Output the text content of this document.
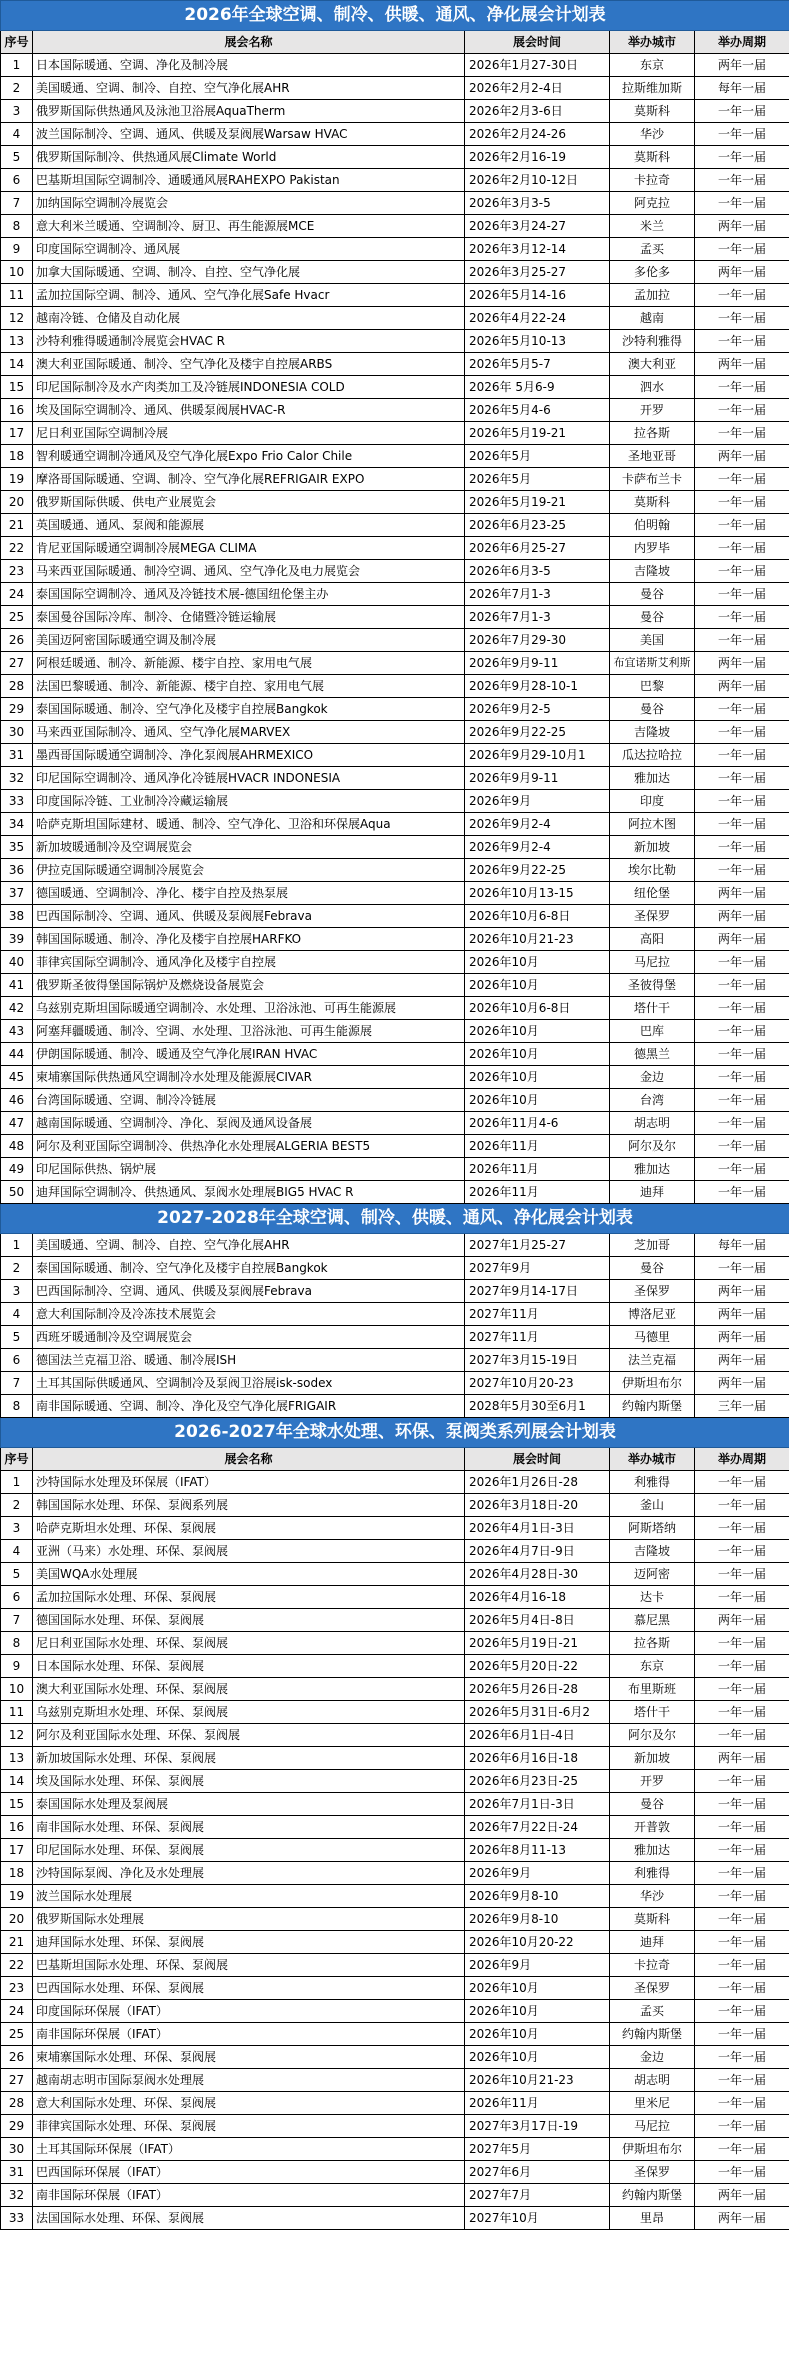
2026年全球空调、制冷、供暖、通风、净化展会计划表				
序号	展会名称	展会时间	举办城市	举办周期
1	日本国际暖通、空调、净化及制冷展	2026年1月27-30日	东京	两年一届
2	美国暖通、空调、制冷、自控、空气净化展AHR	2026年2月2-4日	拉斯维加斯	每年一届
3	俄罗斯国际供热通风及泳池卫浴展AquaTherm	2026年2月3-6日	莫斯科	一年一届
4	波兰国际制冷、空调、通风、供暖及泵阀展Warsaw HVAC	2026年2月24-26	华沙	一年一届
5	俄罗斯国际制冷、供热通风展Climate World	2026年2月16-19	莫斯科	一年一届
6	巴基斯坦国际空调制冷、通暖通风展RAHEXPO Pakistan	2026年2月10-12日	卡拉奇	一年一届
7	加纳国际空调制冷展览会	2026年3月3-5	阿克拉	一年一届
8	意大利米兰暖通、空调制冷、厨卫、再生能源展MCE	2026年3月24-27	米兰	两年一届
9	印度国际空调制冷、通风展	2026年3月12-14	孟买	一年一届
10	加拿大国际暖通、空调、制冷、自控、空气净化展	2026年3月25-27	多伦多	两年一届
11	孟加拉国际空调、制冷、通风、空气净化展Safe Hvacr	2026年5月14-16	孟加拉	一年一届
12	越南冷链、仓储及自动化展	2026年4月22-24	越南	一年一届
13	沙特利雅得暖通制冷展览会HVAC R	2026年5月10-13	沙特利雅得	一年一届
14	澳大利亚国际暖通、制冷、空气净化及楼宇自控展ARBS	2026年5月5-7	澳大利亚	两年一届
15	印尼国际制冷及水产肉类加工及冷链展INDONESIA COLD	2026年 5月6-9	泗水	一年一届
16	埃及国际空调制冷、通风、供暖泵阀展HVAC-R	2026年5月4-6	开罗	一年一届
17	尼日利亚国际空调制冷展	2026年5月19-21	拉各斯	一年一届
18	智利暖通空调制冷通风及空气净化展Expo Frio Calor Chile	2026年5月	圣地亚哥	两年一届
19	摩洛哥国际暖通、空调、制冷、空气净化展REFRIGAIR EXPO	2026年5月	卡萨布兰卡	一年一届
20	俄罗斯国际供暖、供电产业展览会	2026年5月19-21	莫斯科	一年一届
21	英国暖通、通风、泵阀和能源展	2026年6月23-25	伯明翰	一年一届
22	肯尼亚国际暖通空调制冷展MEGA CLIMA	2026年6月25-27	内罗毕	一年一届
23	马来西亚国际暖通、制冷空调、通风、空气净化及电力展览会	2026年6月3-5	吉隆坡	一年一届
24	泰国国际空调制冷、通风及冷链技术展-德国纽伦堡主办	2026年7月1-3	曼谷	一年一届
25	泰国曼谷国际冷库、制冷、仓储暨冷链运输展	2026年7月1-3	曼谷	一年一届
26	美国迈阿密国际暖通空调及制冷展	2026年7月29-30	美国	一年一届
27	阿根廷暖通、制冷、新能源、楼宇自控、家用电气展	2026年9月9-11	布宜诺斯艾利斯	两年一届
28	法国巴黎暖通、制冷、新能源、楼宇自控、家用电气展	2026年9月28-10-1	巴黎	两年一届
29	泰国国际暖通、制冷、空气净化及楼宇自控展Bangkok	2026年9月2-5	曼谷	一年一届
30	马来西亚国际制冷、通风、空气净化展MARVEX	2026年9月22-25	吉隆坡	一年一届
31	墨西哥国际暖通空调制冷、净化泵阀展AHRMEXICO	2026年9月29-10月1	瓜达拉哈拉	一年一届
32	印尼国际空调制冷、通风净化冷链展HVACR INDONESIA	2026年9月9-11	雅加达	一年一届
33	印度国际冷链、工业制冷冷藏运输展	2026年9月	印度	一年一届
34	哈萨克斯坦国际建材、暖通、制冷、空气净化、卫浴和环保展Aqua	2026年9月2-4	阿拉木图	一年一届
35	新加坡暖通制冷及空调展览会	2026年9月2-4	新加坡	一年一届
36	伊拉克国际暖通空调制冷展览会	2026年9月22-25	埃尔比勒	一年一届
37	德国暖通、空调制冷、净化、楼宇自控及热泵展	2026年10月13-15	纽伦堡	两年一届
38	巴西国际制冷、空调、通风、供暖及泵阀展Febrava	2026年10月6-8日	圣保罗	两年一届
39	韩国国际暖通、制冷、净化及楼宇自控展HARFKO	2026年10月21-23	高阳	两年一届
40	菲律宾国际空调制冷、通风净化及楼宇自控展	2026年10月	马尼拉	一年一届
41	俄罗斯圣彼得堡国际锅炉及燃烧设备展览会	2026年10月	圣彼得堡	一年一届
42	乌兹别克斯坦国际暖通空调制冷、水处理、卫浴泳池、可再生能源展	2026年10月6-8日	塔什干	一年一届
43	阿塞拜疆暖通、制冷、空调、水处理、卫浴泳池、可再生能源展	2026年10月	巴库	一年一届
44	伊朗国际暖通、制冷、暖通及空气净化展IRAN HVAC	2026年10月	德黑兰	一年一届
45	柬埔寨国际供热通风空调制冷水处理及能源展CIVAR	2026年10月	金边	一年一届
46	台湾国际暖通、空调、制冷冷链展	2026年10月	台湾	一年一届
47	越南国际暖通、空调制冷、净化、泵阀及通风设备展	2026年11月4-6	胡志明	一年一届
48	阿尔及利亚国际空调制冷、供热净化水处理展ALGERIA BEST5	2026年11月	阿尔及尔	一年一届
49	印尼国际供热、锅炉展	2026年11月	雅加达	一年一届
50	迪拜国际空调制冷、供热通风、泵阀水处理展BIG5 HVAC R	2026年11月	迪拜	一年一届
2027-2028年全球空调、制冷、供暖、通风、净化展会计划表				
1	美国暖通、空调、制冷、自控、空气净化展AHR	2027年1月25-27	芝加哥	每年一届
2	泰国国际暖通、制冷、空气净化及楼宇自控展Bangkok	2027年9月	曼谷	一年一届
3	巴西国际制冷、空调、通风、供暖及泵阀展Febrava	2027年9月14-17日	圣保罗	两年一届
4	意大利国际制冷及冷冻技术展览会	2027年11月	博洛尼亚	两年一届
5	西班牙暖通制冷及空调展览会	2027年11月	马德里	两年一届
6	德国法兰克福卫浴、暖通、制冷展ISH	2027年3月15-19日	法兰克福	两年一届
7	土耳其国际供暖通风、空调制冷及泵阀卫浴展isk-sodex	2027年10月20-23	伊斯坦布尔	两年一届
8	南非国际暖通、空调、制冷、净化及空气净化展FRIGAIR	2028年5月30至6月1	约翰内斯堡	三年一届
2026-2027年全球水处理、环保、泵阀类系列展会计划表				
序号	展会名称	展会时间	举办城市	举办周期
1	沙特国际水处理及环保展（IFAT）	2026年1月26日-28	利雅得	一年一届
2	韩国国际水处理、环保、泵阀系列展	2026年3月18日-20	釜山	一年一届
3	哈萨克斯坦水处理、环保、泵阀展	2026年4月1日-3日	阿斯塔纳	一年一届
4	亚洲（马来）水处理、环保、泵阀展	2026年4月7日-9日	吉隆坡	一年一届
5	美国WQA水处理展	2026年4月28日-30	迈阿密	一年一届
6	孟加拉国际水处理、环保、泵阀展	2026年4月16-18	达卡	一年一届
7	德国国际水处理、环保、泵阀展	2026年5月4日-8日	慕尼黑	两年一届
8	尼日利亚国际水处理、环保、泵阀展	2026年5月19日-21	拉各斯	一年一届
9	日本国际水处理、环保、泵阀展	2026年5月20日-22	东京	一年一届
10	澳大利亚国际水处理、环保、泵阀展	2026年5月26日-28	布里斯班	一年一届
11	乌兹别克斯坦水处理、环保、泵阀展	2026年5月31日-6月2	塔什干	一年一届
12	阿尔及利亚国际水处理、环保、泵阀展	2026年6月1日-4日	阿尔及尔	一年一届
13	新加坡国际水处理、环保、泵阀展	2026年6月16日-18	新加坡	两年一届
14	埃及国际水处理、环保、泵阀展	2026年6月23日-25	开罗	一年一届
15	泰国国际水处理及泵阀展	2026年7月1日-3日	曼谷	一年一届
16	南非国际水处理、环保、泵阀展	2026年7月22日-24	开普敦	一年一届
17	印尼国际水处理、环保、泵阀展	2026年8月11-13	雅加达	一年一届
18	沙特国际泵阀、净化及水处理展	2026年9月	利雅得	一年一届
19	波兰国际水处理展	2026年9月8-10	华沙	一年一届
20	俄罗斯国际水处理展	2026年9月8-10	莫斯科	一年一届
21	迪拜国际水处理、环保、泵阀展	2026年10月20-22	迪拜	一年一届
22	巴基斯坦国际水处理、环保、泵阀展	2026年9月	卡拉奇	一年一届
23	巴西国际水处理、环保、泵阀展	2026年10月	圣保罗	一年一届
24	印度国际环保展（IFAT）	2026年10月	孟买	一年一届
25	南非国际环保展（IFAT）	2026年10月	约翰内斯堡	一年一届
26	柬埔寨国际水处理、环保、泵阀展	2026年10月	金边	一年一届
27	越南胡志明市国际泵阀水处理展	2026年10月21-23	胡志明	一年一届
28	意大利国际水处理、环保、泵阀展	2026年11月	里米尼	一年一届
29	菲律宾国际水处理、环保、泵阀展	2027年3月17日-19	马尼拉	一年一届
30	土耳其国际环保展（IFAT）	2027年5月	伊斯坦布尔	一年一届
31	巴西国际环保展（IFAT）	2027年6月	圣保罗	一年一届
32	南非国际环保展（IFAT）	2027年7月	约翰内斯堡	两年一届
33	法国国际水处理、环保、泵阀展	2027年10月	里昂	两年一届
